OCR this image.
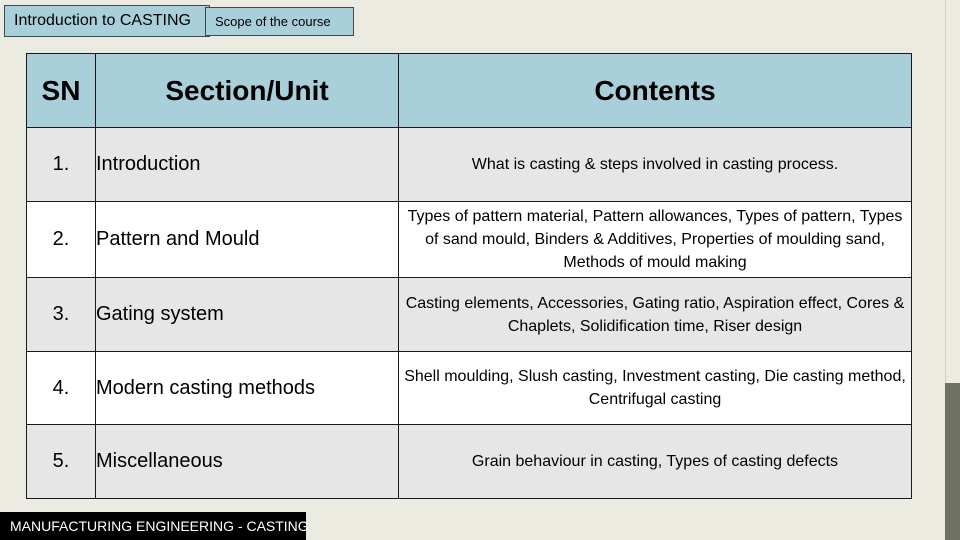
Introduction to CASTING	Scope of the course
SN	Section/Unit	Contents
1.	Introduction	What is casting & steps involved in casting process.
2.	Pattern and Mould	Types of pattern material, Pattern allowances, Types of pattern, Types of sand mould, Binders & Additives, Properties of moulding sand, Methods of mould making
3.	Gating system	Casting elements, Accessories, Gating ratio, Aspiration effect, Cores & Chaplets, Solidification time, Riser design
4.	Modern casting methods	Shell moulding, Slush casting, Investment casting, Die casting method, Centrifugal casting
5.	Miscellaneous	Grain behaviour in casting, Types of casting defects
MANUFACTURING ENGINEERING - CASTING
